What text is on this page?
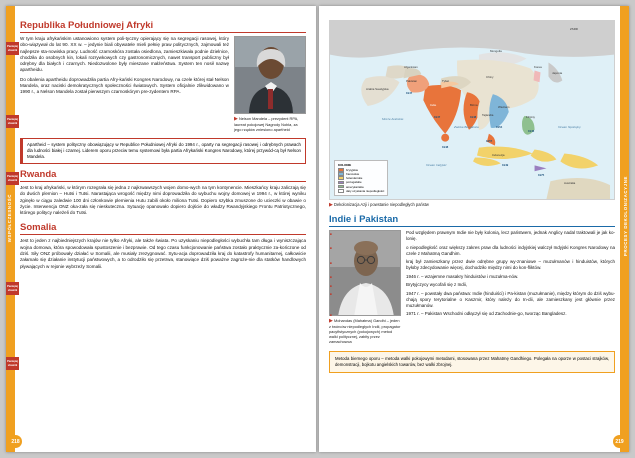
WSPÓŁCZESNOŚĆ
218
Pamiętaj słownik
Pamiętaj słownik
Pamiętaj słownik
Pamiętaj słownik
Pamiętaj słownik
Republika Południowej Afryki
▶ Nelson Mandela – prezydent RPA, laureat pokojowej Nagrody Nobla, za jego rządów zniesiono apartheid

W tym kraju afrykańskim ustanowiono system poli-tyczny opierający się na segregacji rasowej, który obo-wiązywał do lat 90. XX w. – jedynie biali obywatele mieli pełnię praw politycznych, zajmowali też najlepsze sta-nowiska pracy. Ludność czarnoskóra została osiedlona, zamieszkiwała podnie dzielnice, chodziła do osobnych kin, lokali rozrywkowych czy gastronomicznych, nawet transport publiczny był odrębny dla białych i czarnych. Niedozwolone były mieszane małżeństwa. System ten nosił nazwę apartheidu.

Do obalenia apartheidu doprowadziła partia Afry-kański Kongres Narodowy, na czele której stał Nelson Mandela, oraz naciski demokratycznych społeczności światowych. System oficjalnie zlikwidowano w 1990 r., a Nelson Mandela został pierwszym czarnoskórym pre-zydentem RPA.

Apartheid – system polityczny obowiązujący w Republice Południowej Afryki do 1994 r., oparty na segregacji rasowej i odrębnych prawach dla ludności białej i czarnej. Liderem oporu przeciw temu systemowi była partia Afrykański Kongres Narodowy, której przywód-cą był Nelson Mandela.
Rwanda

Jest to kraj afrykański, w którym rozegrała się jedna z najkrwawszych wojen domo-wych na tym kontynencie. Mieszkańcy kraju zaliczają się do dwóch plemion – Hutsi i Tutsi. Narastająca wrogość między nimi doprowadziła do wybuchu wojny domowej w 1994 r., w której wyniku zginęło w ciągu zaledwie 100 dni członkowie plemienia Hutu zabili około miliona Tutsi. Dopiero szybka zmuszone do ucieczki w obawie o życie. Interwencja ONZ oka-zała się nieskuteczna. Sytuację opanowało dopiero dojście do władzy Rwandyjskiego Frontu Patriotycznego, którego politycy należeli do Tutsi.

Somalia

Jest to jeden z najbiedniejszych krajów nie tylko Afryki, ale także świata. Po uzyskaniu niepodległości wybuchła tam długa i wyniszczająca wojna domowa, która spowodowała spustoszenie i bezprawie. Od tego czasu funkcjonowanie państwa zostało praktycznie za-kończone od dziś. Siły ONZ próbowały działać w Somalii, ale musiały zrezygnować. Sytu-acja doprowadziła kraj do katastrofy humanitarnej, całkowicie załamało się działanie instytucji państwowych, a to odrodziło się przetrwa, stanowiące dziś poważne zagroże-nie dla statków handlowych pływających w rejonie wybrzeży Somalii.

PROCESY DEKOLONIZACYJNE
219
Ocean Indyjski
Ocean Spokojny
Morze Arabskie
Zatoka Bengalska
ZSRR
Mongolia
Chiny
Japonia
Korea
Tybet
Indie
Pakistan
Birma
Tajlandia
Wietnam
Indonezja
Filipiny
Arabia Saudyjska
Afganistan
Australia
1947
1947
1948
1948
1949
1946
1954
1957
1975
KOLONIE
brytyjskie
francuskie
holenderskie
portugalskie
amerykańskie
daty uzyskania niepodległości
▶ Dekolonizacja Azji i powstanie niepodległych państw
Indie i Pakistan
▶ Mohandas (Mahatma) Gandhi – jeden z twórców niepodległych Indii, propagator pacyfistycznych (pokojowych) metod walki politycznej, zabity przez zamachowca
■ Pod względem prawnym Indie nie były kolonią, lecz państwem, jednak Anglicy nadal traktowali je jak ko-lonię.
■ o niepodległość oraz większy zakres praw dla ludności indyjskiej walczył Indyjski Kongres Narodowy na czele z Mahatmą Gandhim.
■ kraj był zamieszkany przez dwie odrębne grupy wy-znaniowe – muzułmanów i hinduistów, których byłoby zdecydowanie więcej, dochodziło między nimi do kon-fliktów.
■ 1946 r. – wzajemne masakry hinduistów i muzułma-nów.
■ Brytyjczycy wycofali się z Indii,
■ 1947 r. – powstały dwa państwa: Indie (hinduiści) i Pa-kistan (muzułmanie), między którym do dziś wybu-chają spory terytorialne o Kaszmir, który należy do In-dii, ale zamieszkany jest głównie przez muzułmanów.
■ 1971 r. – Pakistan Wschodni odłączył się od Zachodnie-go, tworząc Bangladesz.
Metoda biernego oporu – metoda walki pokojowymi metodami, stosowana przez Mahatmę Gandhiego. Polegała na oporze w postaci strajków, demonstracji, bojkotu angielskich towarów, bez walki zbrojnej.
